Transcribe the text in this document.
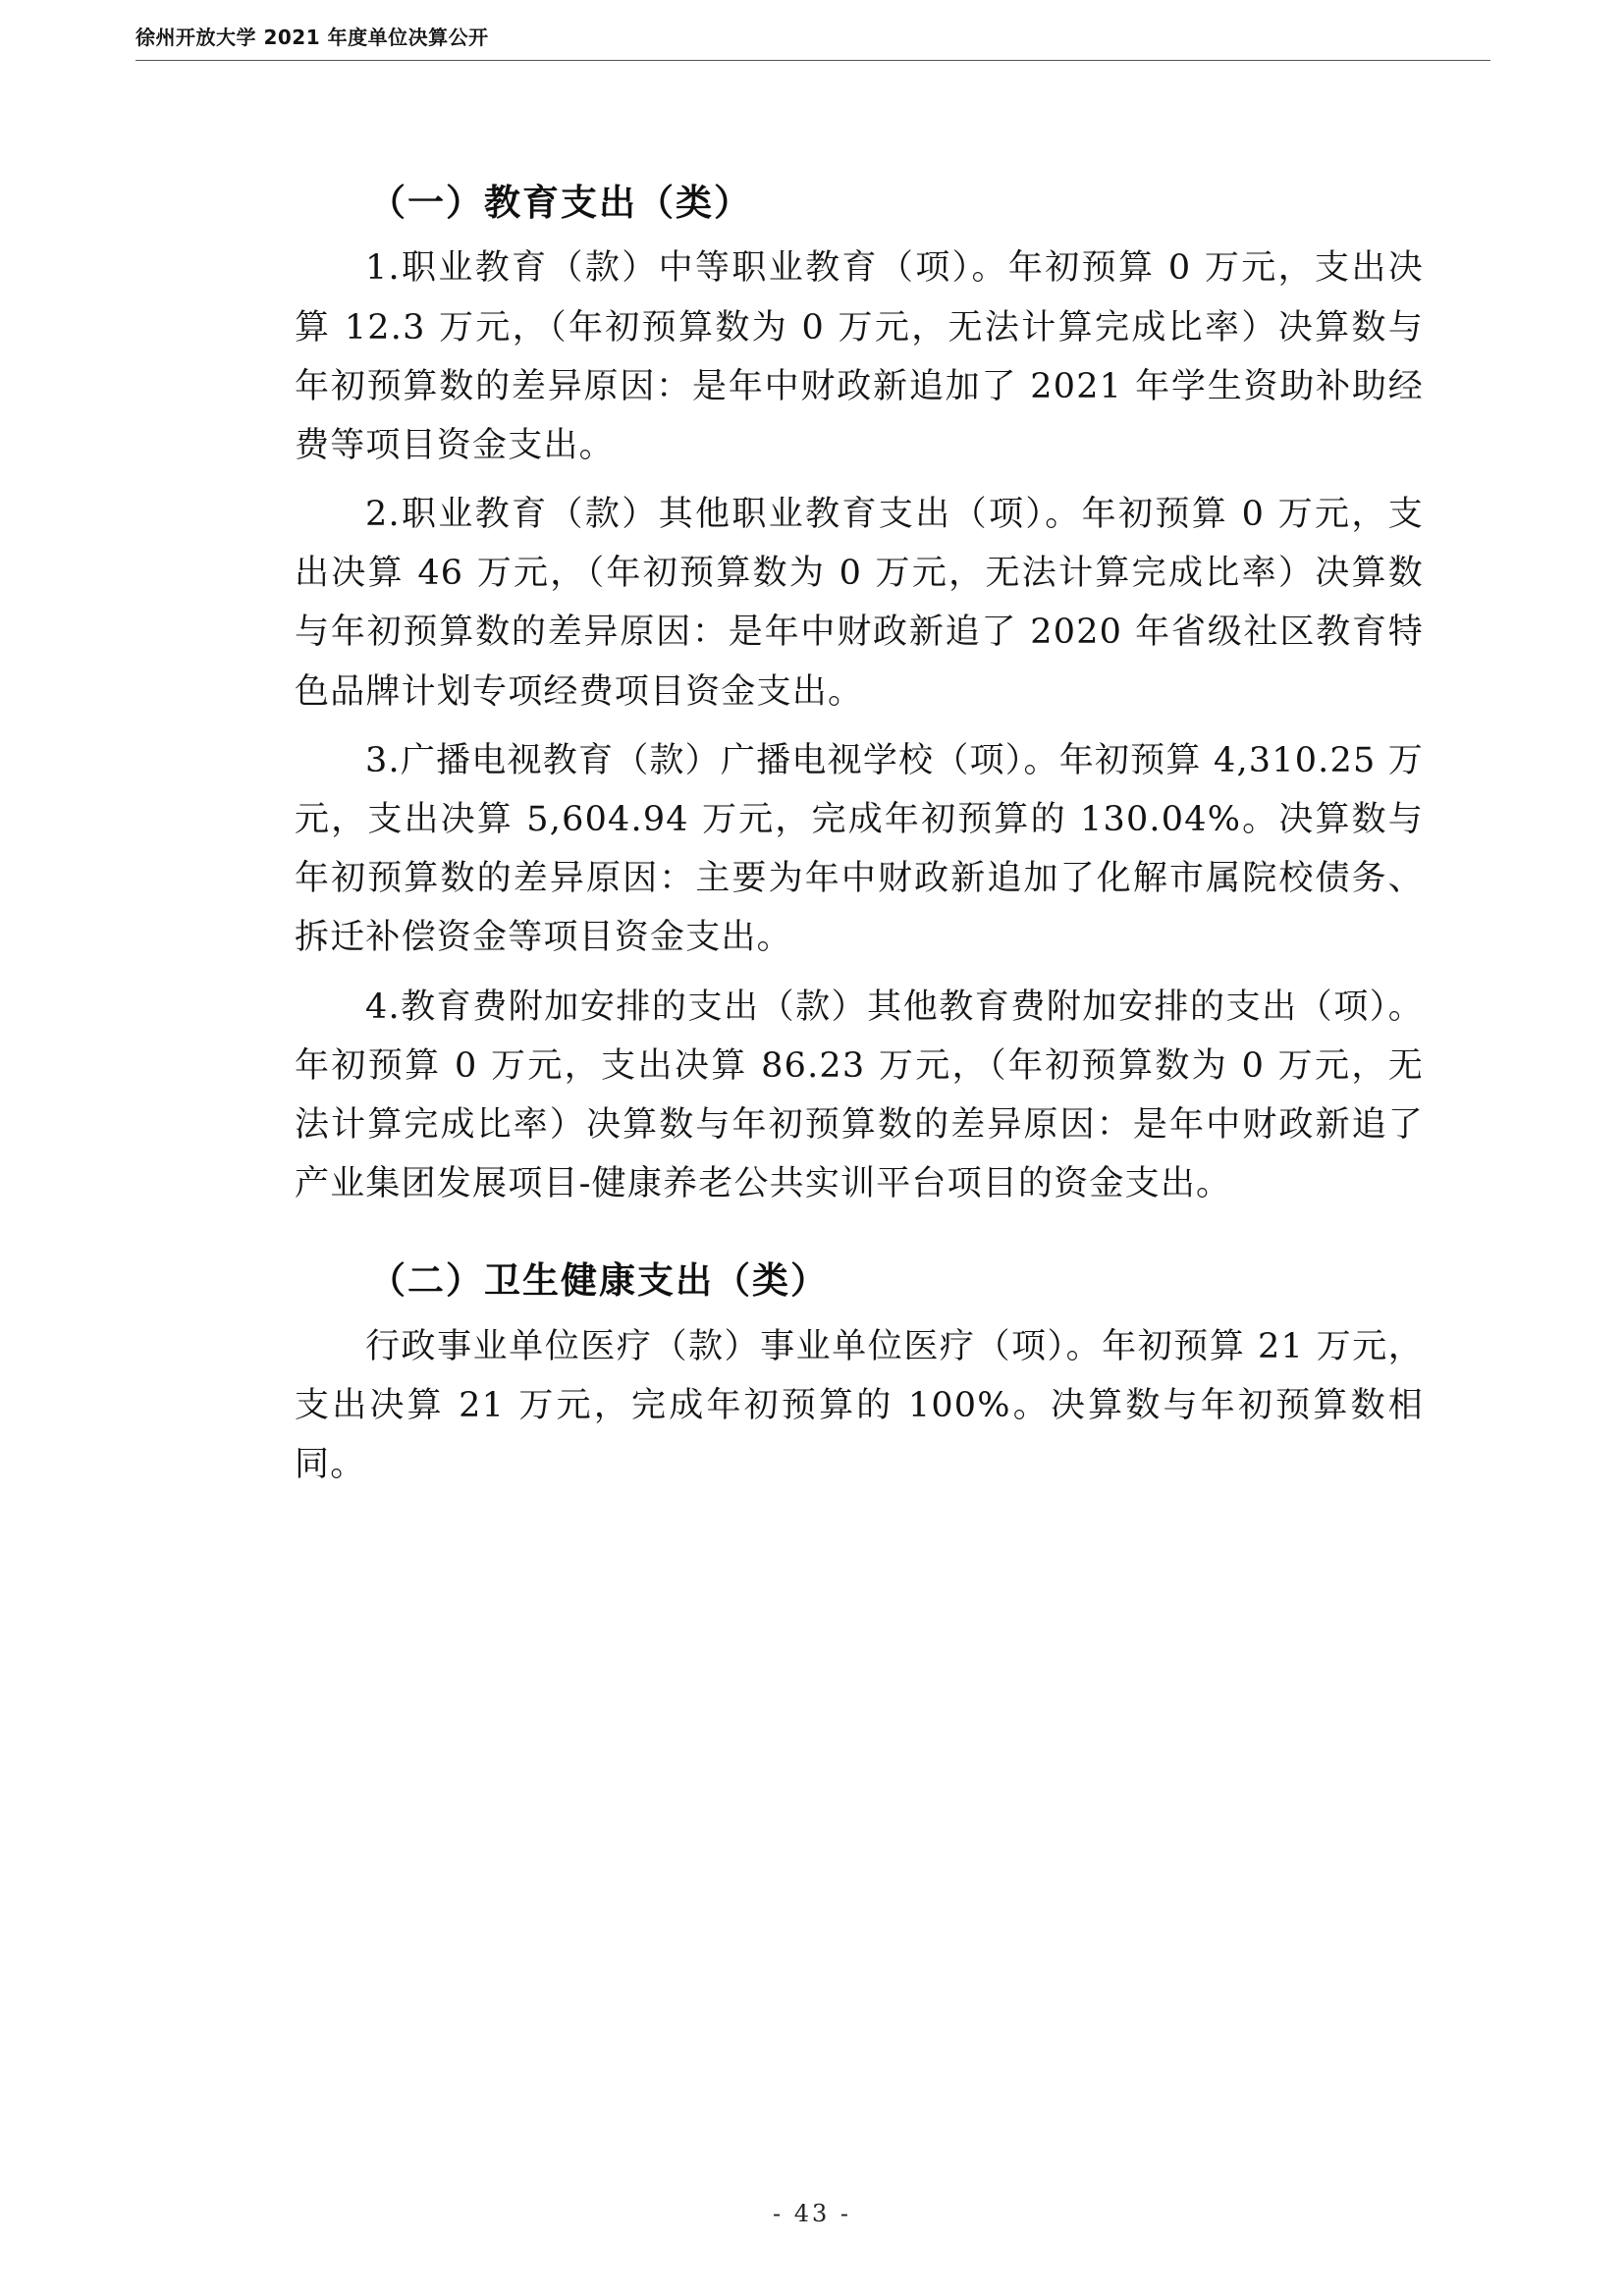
徐州开放大学 2021 年度单位决算公开
（一）教育支出（类）

1.职业教育（款）中等职业教育（项）。年初预算 0 万元，支出决算 12.3 万元，（年初预算数为 0 万元，无法计算完成比率）决算数与年初预算数的差异原因：是年中财政新追加了 2021 年学生资助补助经费等项目资金支出。

2.职业教育（款）其他职业教育支出（项）。年初预算 0 万元，支出决算 46 万元，（年初预算数为 0 万元，无法计算完成比率）决算数与年初预算数的差异原因：是年中财政新追了 2020 年省级社区教育特色品牌计划专项经费项目资金支出。

3.广播电视教育（款）广播电视学校（项）。年初预算 4,310.25 万元，支出决算 5,604.94 万元，完成年初预算的 130.04%。决算数与年初预算数的差异原因：主要为年中财政新追加了化解市属院校债务、拆迁补偿资金等项目资金支出。

4.教育费附加安排的支出（款）其他教育费附加安排的支出（项）。年初预算 0 万元，支出决算 86.23 万元，（年初预算数为 0 万元，无法计算完成比率）决算数与年初预算数的差异原因：是年中财政新追了产业集团发展项目-健康养老公共实训平台项目的资金支出。

（二）卫生健康支出（类）

行政事业单位医疗（款）事业单位医疗（项）。年初预算 21 万元，支出决算 21 万元，完成年初预算的 100%。决算数与年初预算数相同。

- 43 -
